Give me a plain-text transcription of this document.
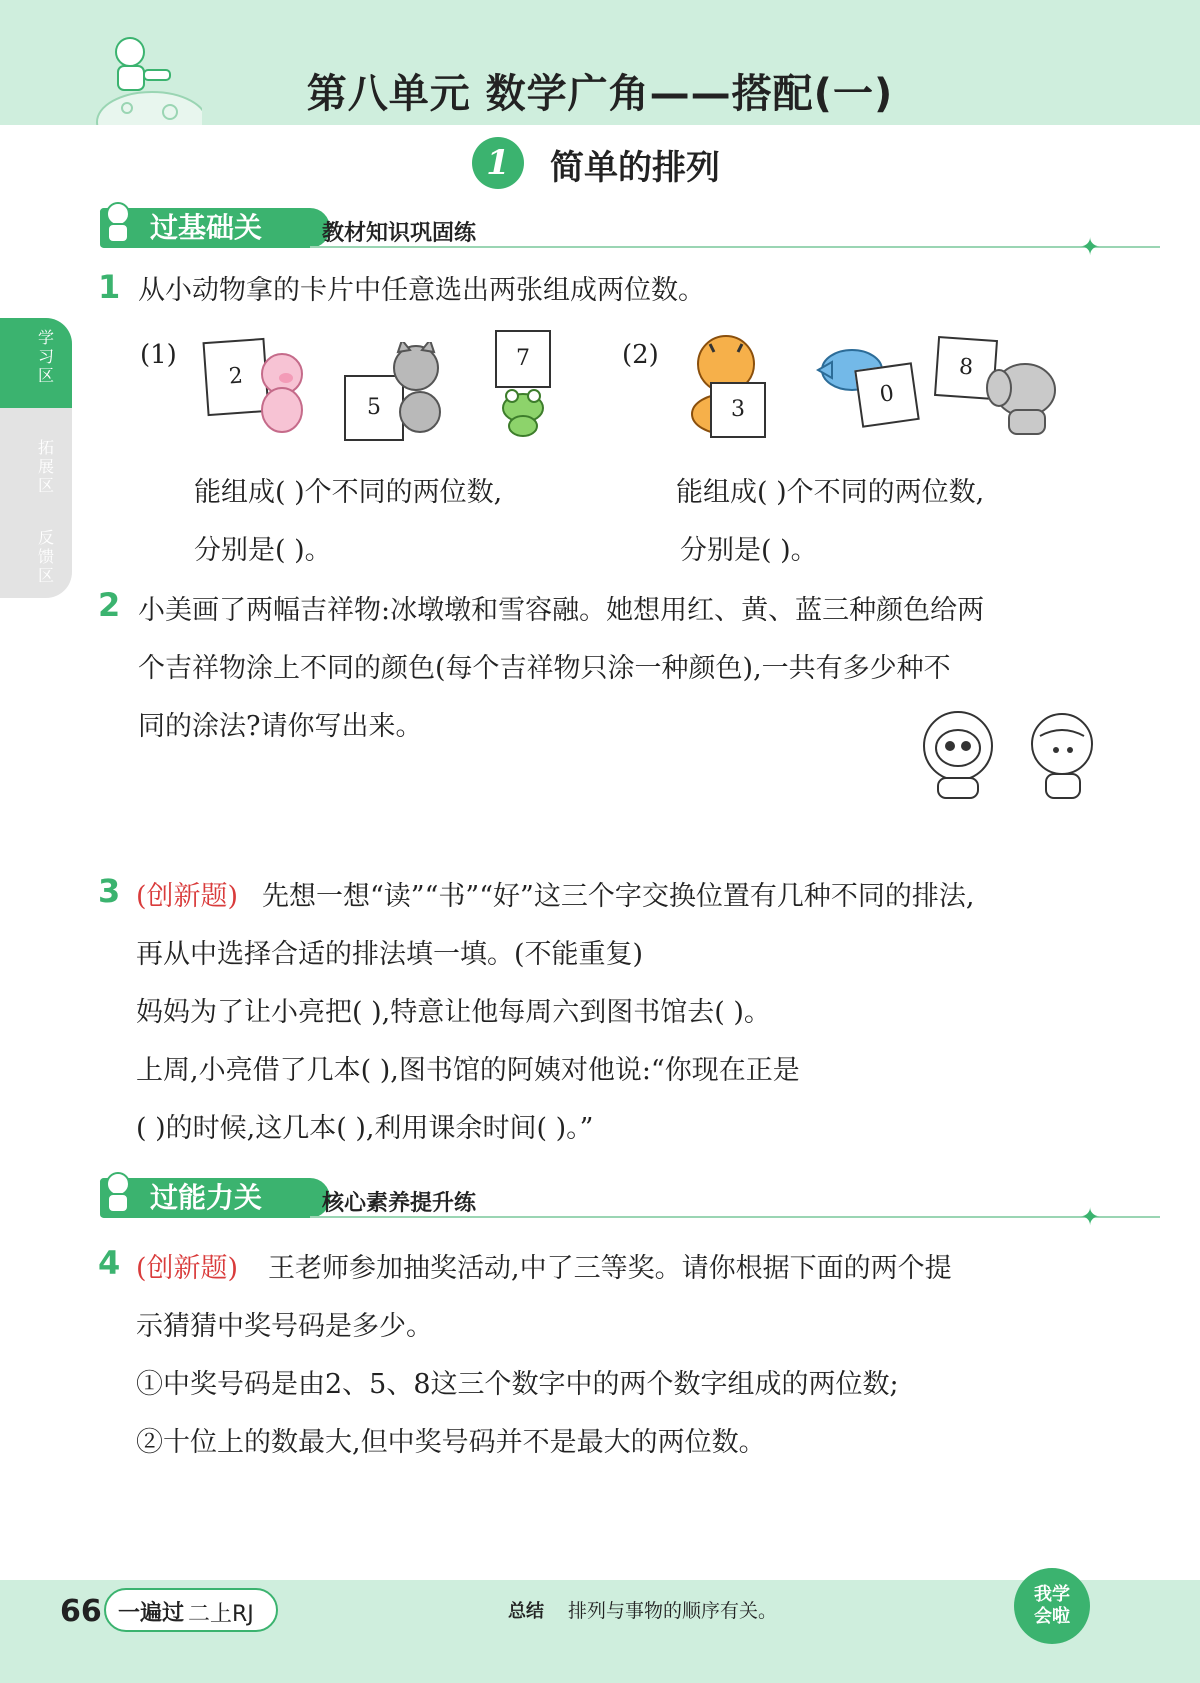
第八单元 数学广角——搭配(一)
1	简单的排列
学习区
拓展区
反馈区
过基础关	教材知识巩固练	✦
1 从小动物拿的卡片中任意选出两张组成两位数。
(1)
2
5
7	(2)
3
0
8
能组成( )个不同的两位数,
分别是( )。
能组成( )个不同的两位数,
分别是( )。
2 小美画了两幅吉祥物:冰墩墩和雪容融。她想用红、黄、蓝三种颜色给两
个吉祥物涂上不同的颜色(每个吉祥物只涂一种颜色),一共有多少种不
同的涂法?请你写出来。
3 (创新题) 先想一想“读”“书”“好”这三个字交换位置有几种不同的排法,
再从中选择合适的排法填一填。(不能重复)
妈妈为了让小亮把( ),特意让他每周六到图书馆去( )。
上周,小亮借了几本( ),图书馆的阿姨对他说:“你现在正是
( )的时候,这几本( ),利用课余时间( )。”
过能力关	核心素养提升练	✦
4 (创新题) 王老师参加抽奖活动,中了三等奖。请你根据下面的两个提
示猜猜中奖号码是多少。
①中奖号码是由2、5、8这三个数字中的两个数字组成的两位数;
②十位上的数最大,但中奖号码并不是最大的两位数。
66 一遍过 二上RJ	总结 排列与事物的顺序有关。
我学会啦
